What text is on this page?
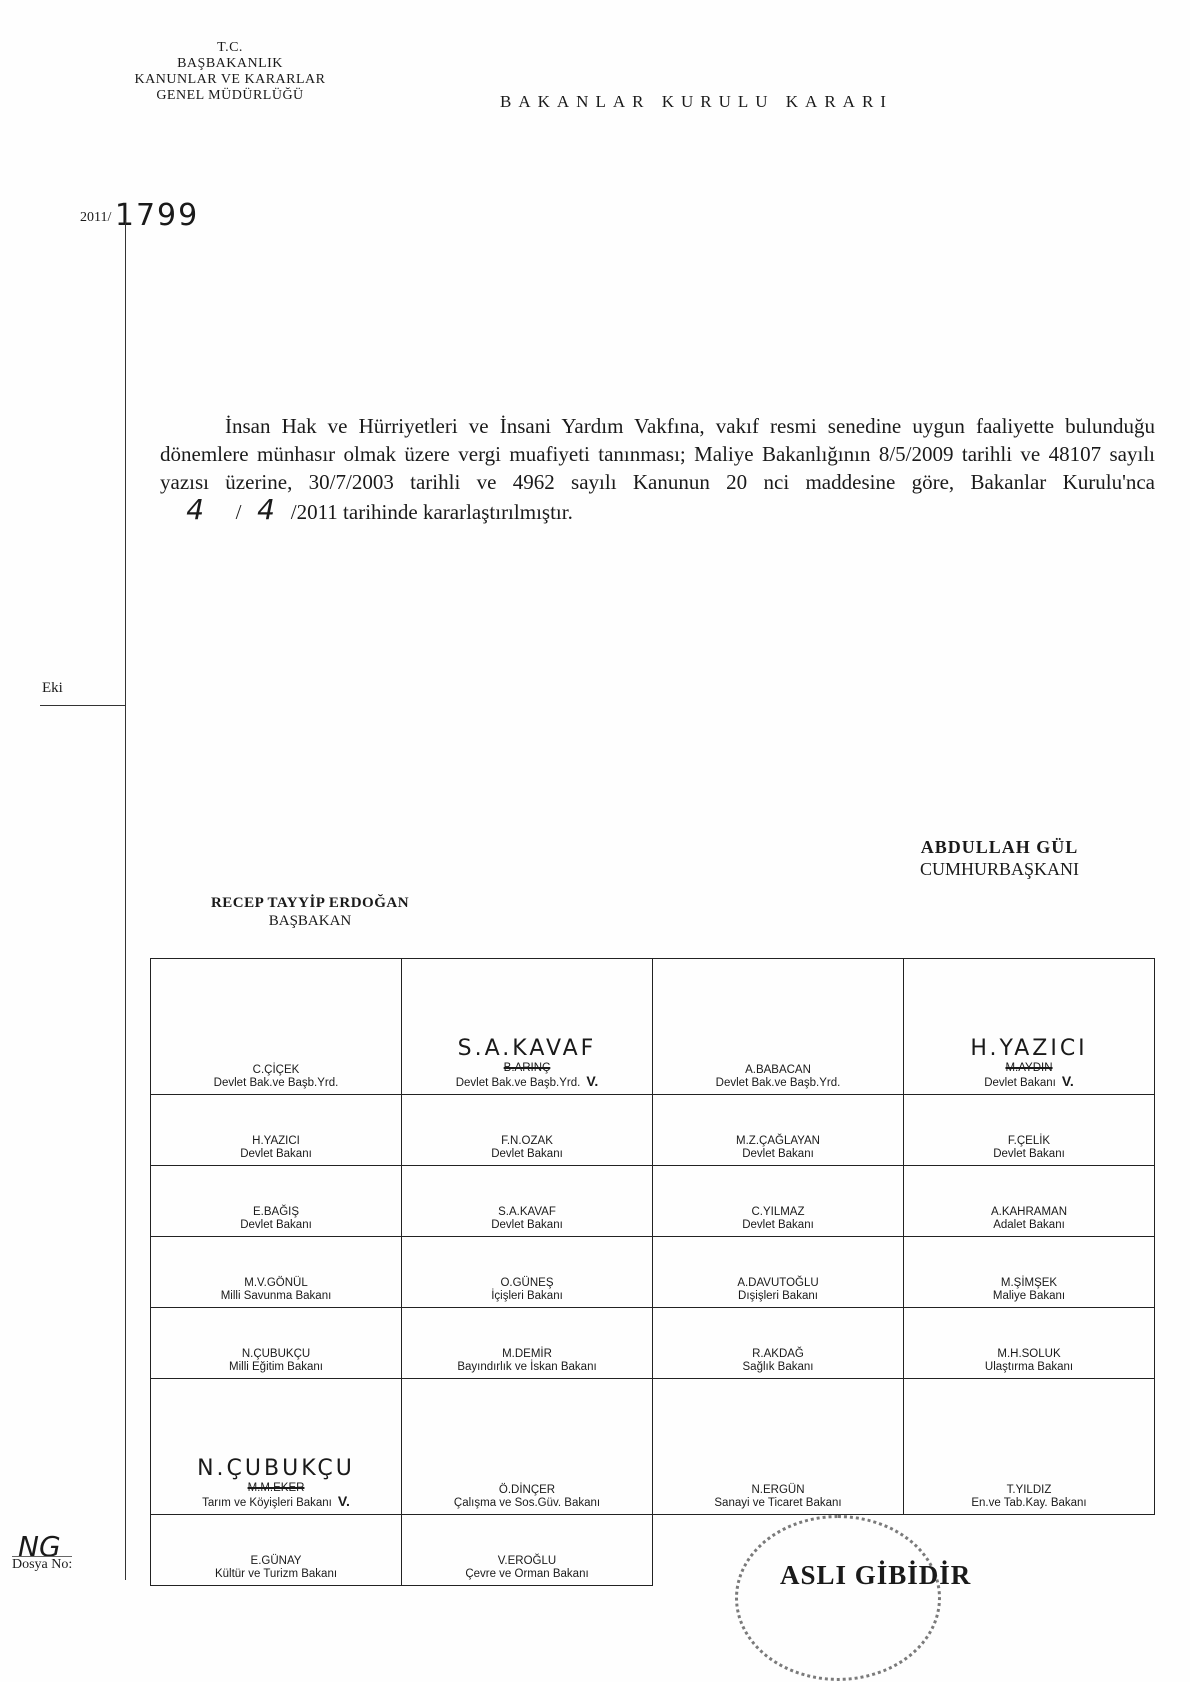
T.C.
BAŞBAKANLIK
KANUNLAR VE KARARLAR
GENEL MÜDÜRLÜĞÜ	BAKANLAR KURULU KARARI
2011/ 1799
Eki
NG
Dosya No:
İnsan Hak ve Hürriyetleri ve İnsani Yardım Vakfına, vakıf resmi senedine uygun faaliyette bulunduğu dönemlere münhasır olmak üzere vergi muafiyeti tanınması; Maliye Bakanlığının 8/5/2009 tarihli ve 48107 sayılı yazısı üzerine, 30/7/2003 tarihli ve 4962 sayılı Kanunun 20 nci maddesine göre, Bakanlar Kurulu'nca      4 / 4 /2011 tarihinde kararlaştırılmıştır.
ABDULLAH GÜL
CUMHURBAŞKANI
RECEP TAYYİP ERDOĞAN
BAŞBAKAN
C.ÇİÇEK
Devlet Bak.ve Başb.Yrd.	S.A.KAVAF
B.ARINÇ
Devlet Bak.ve Başb.Yrd. V.	A.BABACAN
Devlet Bak.ve Başb.Yrd.	H.YAZICI
M.AYDIN
Devlet Bakanı V.

H.YAZICI
Devlet Bakanı	F.N.OZAK
Devlet Bakanı	M.Z.ÇAĞLAYAN
Devlet Bakanı	F.ÇELİK
Devlet Bakanı

E.BAĞIŞ
Devlet Bakanı	S.A.KAVAF
Devlet Bakanı	C.YILMAZ
Devlet Bakanı	A.KAHRAMAN
Adalet Bakanı

M.V.GÖNÜL
Milli Savunma Bakanı	O.GÜNEŞ
İçişleri Bakanı	A.DAVUTOĞLU
Dışişleri Bakanı	M.ŞİMŞEK
Maliye Bakanı

N.ÇUBUKÇU
Milli Eğitim Bakanı	M.DEMİR
Bayındırlık ve İskan Bakanı	R.AKDAĞ
Sağlık Bakanı	M.H.SOLUK
Ulaştırma Bakanı

N.ÇUBUKÇU
M.M.EKER
Tarım ve Köyişleri Bakanı V.	Ö.DİNÇER
Çalışma ve Sos.Güv. Bakanı	N.ERGÜN
Sanayi ve Ticaret Bakanı	T.YILDIZ
En.ve Tab.Kay. Bakanı

E.GÜNAY
Kültür ve Turizm Bakanı	V.EROĞLU
Çevre ve Orman Bakanı		
			ASLI GİBİDİR
